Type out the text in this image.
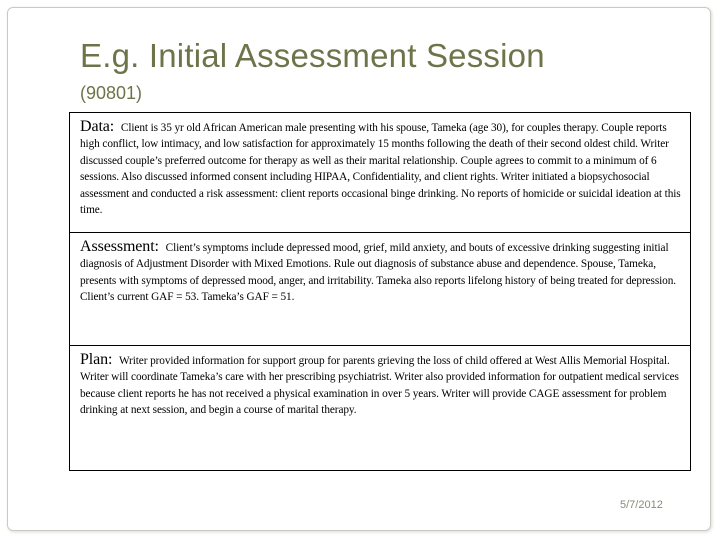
E.g. Initial Assessment Session
(90801)
Data: Client is 35 yr old African American male presenting with his spouse, Tameka (age 30), for couples therapy. Couple reports high conflict, low intimacy, and low satisfaction for approximately 15 months following the death of their second oldest child. Writer discussed couple’s preferred outcome for therapy as well as their marital relationship. Couple agrees to commit to a minimum of 6 sessions. Also discussed informed consent including HIPAA, Confidentiality, and client rights. Writer initiated a biopsychosocial assessment and conducted a risk assessment: client reports occasional binge drinking. No reports of homicide or suicidal ideation at this time.
Assessment: Client’s symptoms include depressed mood, grief, mild anxiety, and bouts of excessive drinking suggesting initial diagnosis of Adjustment Disorder with Mixed Emotions. Rule out diagnosis of substance abuse and dependence. Spouse, Tameka, presents with symptoms of depressed mood, anger, and irritability. Tameka also reports lifelong history of being treated for depression. Client’s current GAF = 53. Tameka’s GAF = 51.
Plan: Writer provided information for support group for parents grieving the loss of child offered at West Allis Memorial Hospital. Writer will coordinate Tameka’s care with her prescribing psychiatrist. Writer also provided information for outpatient medical services because client reports he has not received a physical examination in over 5 years. Writer will provide CAGE assessment for problem drinking at next session, and begin a course of marital therapy.
5/7/2012
